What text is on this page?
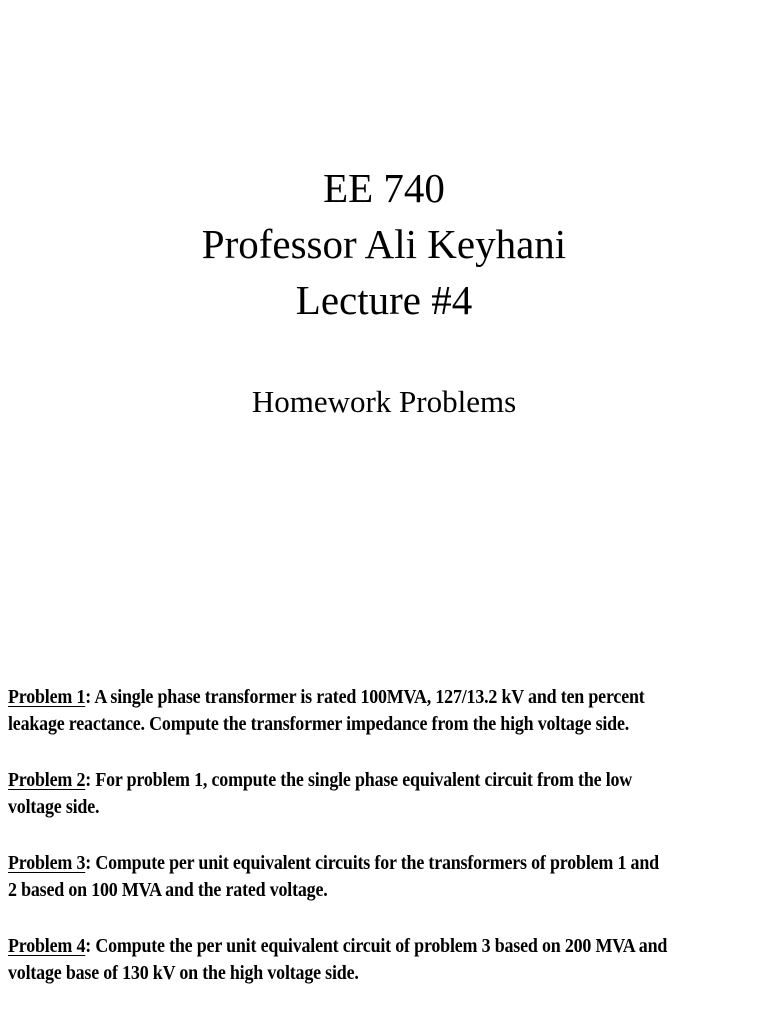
EE 740
Professor Ali Keyhani
Lecture #4
Homework Problems
Problem 1: A single phase transformer is rated 100MVA, 127/13.2 kV and ten percent
leakage reactance. Compute the transformer impedance from the high voltage side.
Problem 2: For problem 1, compute the single phase equivalent circuit from the low
voltage side.
Problem 3: Compute per unit equivalent circuits for the transformers of problem 1 and
2 based on 100 MVA and the rated voltage.
Problem 4: Compute the per unit equivalent circuit of problem 3 based on 200 MVA and
voltage base of 130 kV on the high voltage side.
